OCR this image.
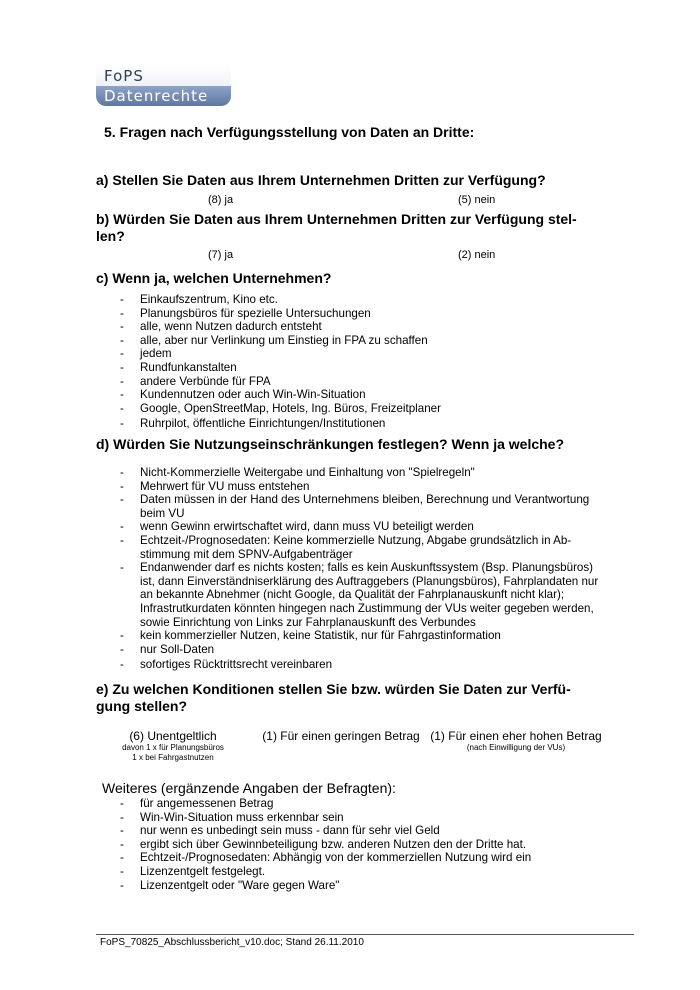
FoPS
Datenrechte
5. Fragen nach Verfügungsstellung von Daten an Dritte:
a) Stellen Sie Daten aus Ihrem Unternehmen Dritten zur Verfügung?
(8) ja	(5) nein
b) Würden Sie Daten aus Ihrem Unternehmen Dritten zur Verfügung stel-
len?
(7) ja	(2) nein
c) Wenn ja, welchen Unternehmen?
- Einkaufszentrum, Kino etc.
- Planungsbüros für spezielle Untersuchungen
- alle, wenn Nutzen dadurch entsteht
- alle, aber nur Verlinkung um Einstieg in FPA zu schaffen
- jedem
- Rundfunkanstalten
- andere Verbünde für FPA
- Kundennutzen oder auch Win-Win-Situation
- Google, OpenStreetMap, Hotels, Ing. Büros, Freizeitplaner
- Ruhrpilot, öffentliche Einrichtungen/Institutionen
d) Würden Sie Nutzungseinschränkungen festlegen? Wenn ja welche?
- Nicht-Kommerzielle Weitergabe und Einhaltung von "Spielregeln"
- Mehrwert für VU muss entstehen
- Daten müssen in der Hand des Unternehmens bleiben, Berechnung und Verantwortung beim VU
- wenn Gewinn erwirtschaftet wird, dann muss VU beteiligt werden
- Echtzeit-/Prognosedaten: Keine kommerzielle Nutzung, Abgabe grundsätzlich in Ab-stimmung mit dem SPNV-Aufgabenträger
- Endanwender darf es nichts kosten; falls es kein Auskunftssystem (Bsp. Planungsbüros) ist, dann Einverständniserklärung des Auftraggebers (Planungsbüros), Fahrplandaten nur an bekannte Abnehmer (nicht Google, da Qualität der Fahrplanauskunft nicht klar); Infrastrutkurdaten könnten hingegen nach Zustimmung der VUs weiter gegeben werden, sowie Einrichtung von Links zur Fahrplanauskunft des Verbundes
- kein kommerzieller Nutzen, keine Statistik, nur für Fahrgastinformation
- nur Soll-Daten
- sofortiges Rücktrittsrecht vereinbaren
e) Zu welchen Konditionen stellen Sie bzw. würden Sie Daten zur Verfü-
gung stellen?
(6) Unentgeltlich
davon 1 x für Planungsbüros
1 x bei Fahrgastnutzen
(1) Für einen geringen Betrag (1) Für einen eher hohen Betrag
(nach Einwilligung der VUs)
Weiteres (ergänzende Angaben der Befragten):
- für angemessenen Betrag
- Win-Win-Situation muss erkennbar sein
- nur wenn es unbedingt sein muss - dann für sehr viel Geld
- ergibt sich über Gewinnbeteiligung bzw. anderen Nutzen den der Dritte hat.
- Echtzeit-/Prognosedaten: Abhängig von der kommerziellen Nutzung wird ein
- Lizenzentgelt festgelegt.
- Lizenzentgelt oder "Ware gegen Ware"
FoPS_70825_Abschlussbericht_v10.doc; Stand 26.11.2010
